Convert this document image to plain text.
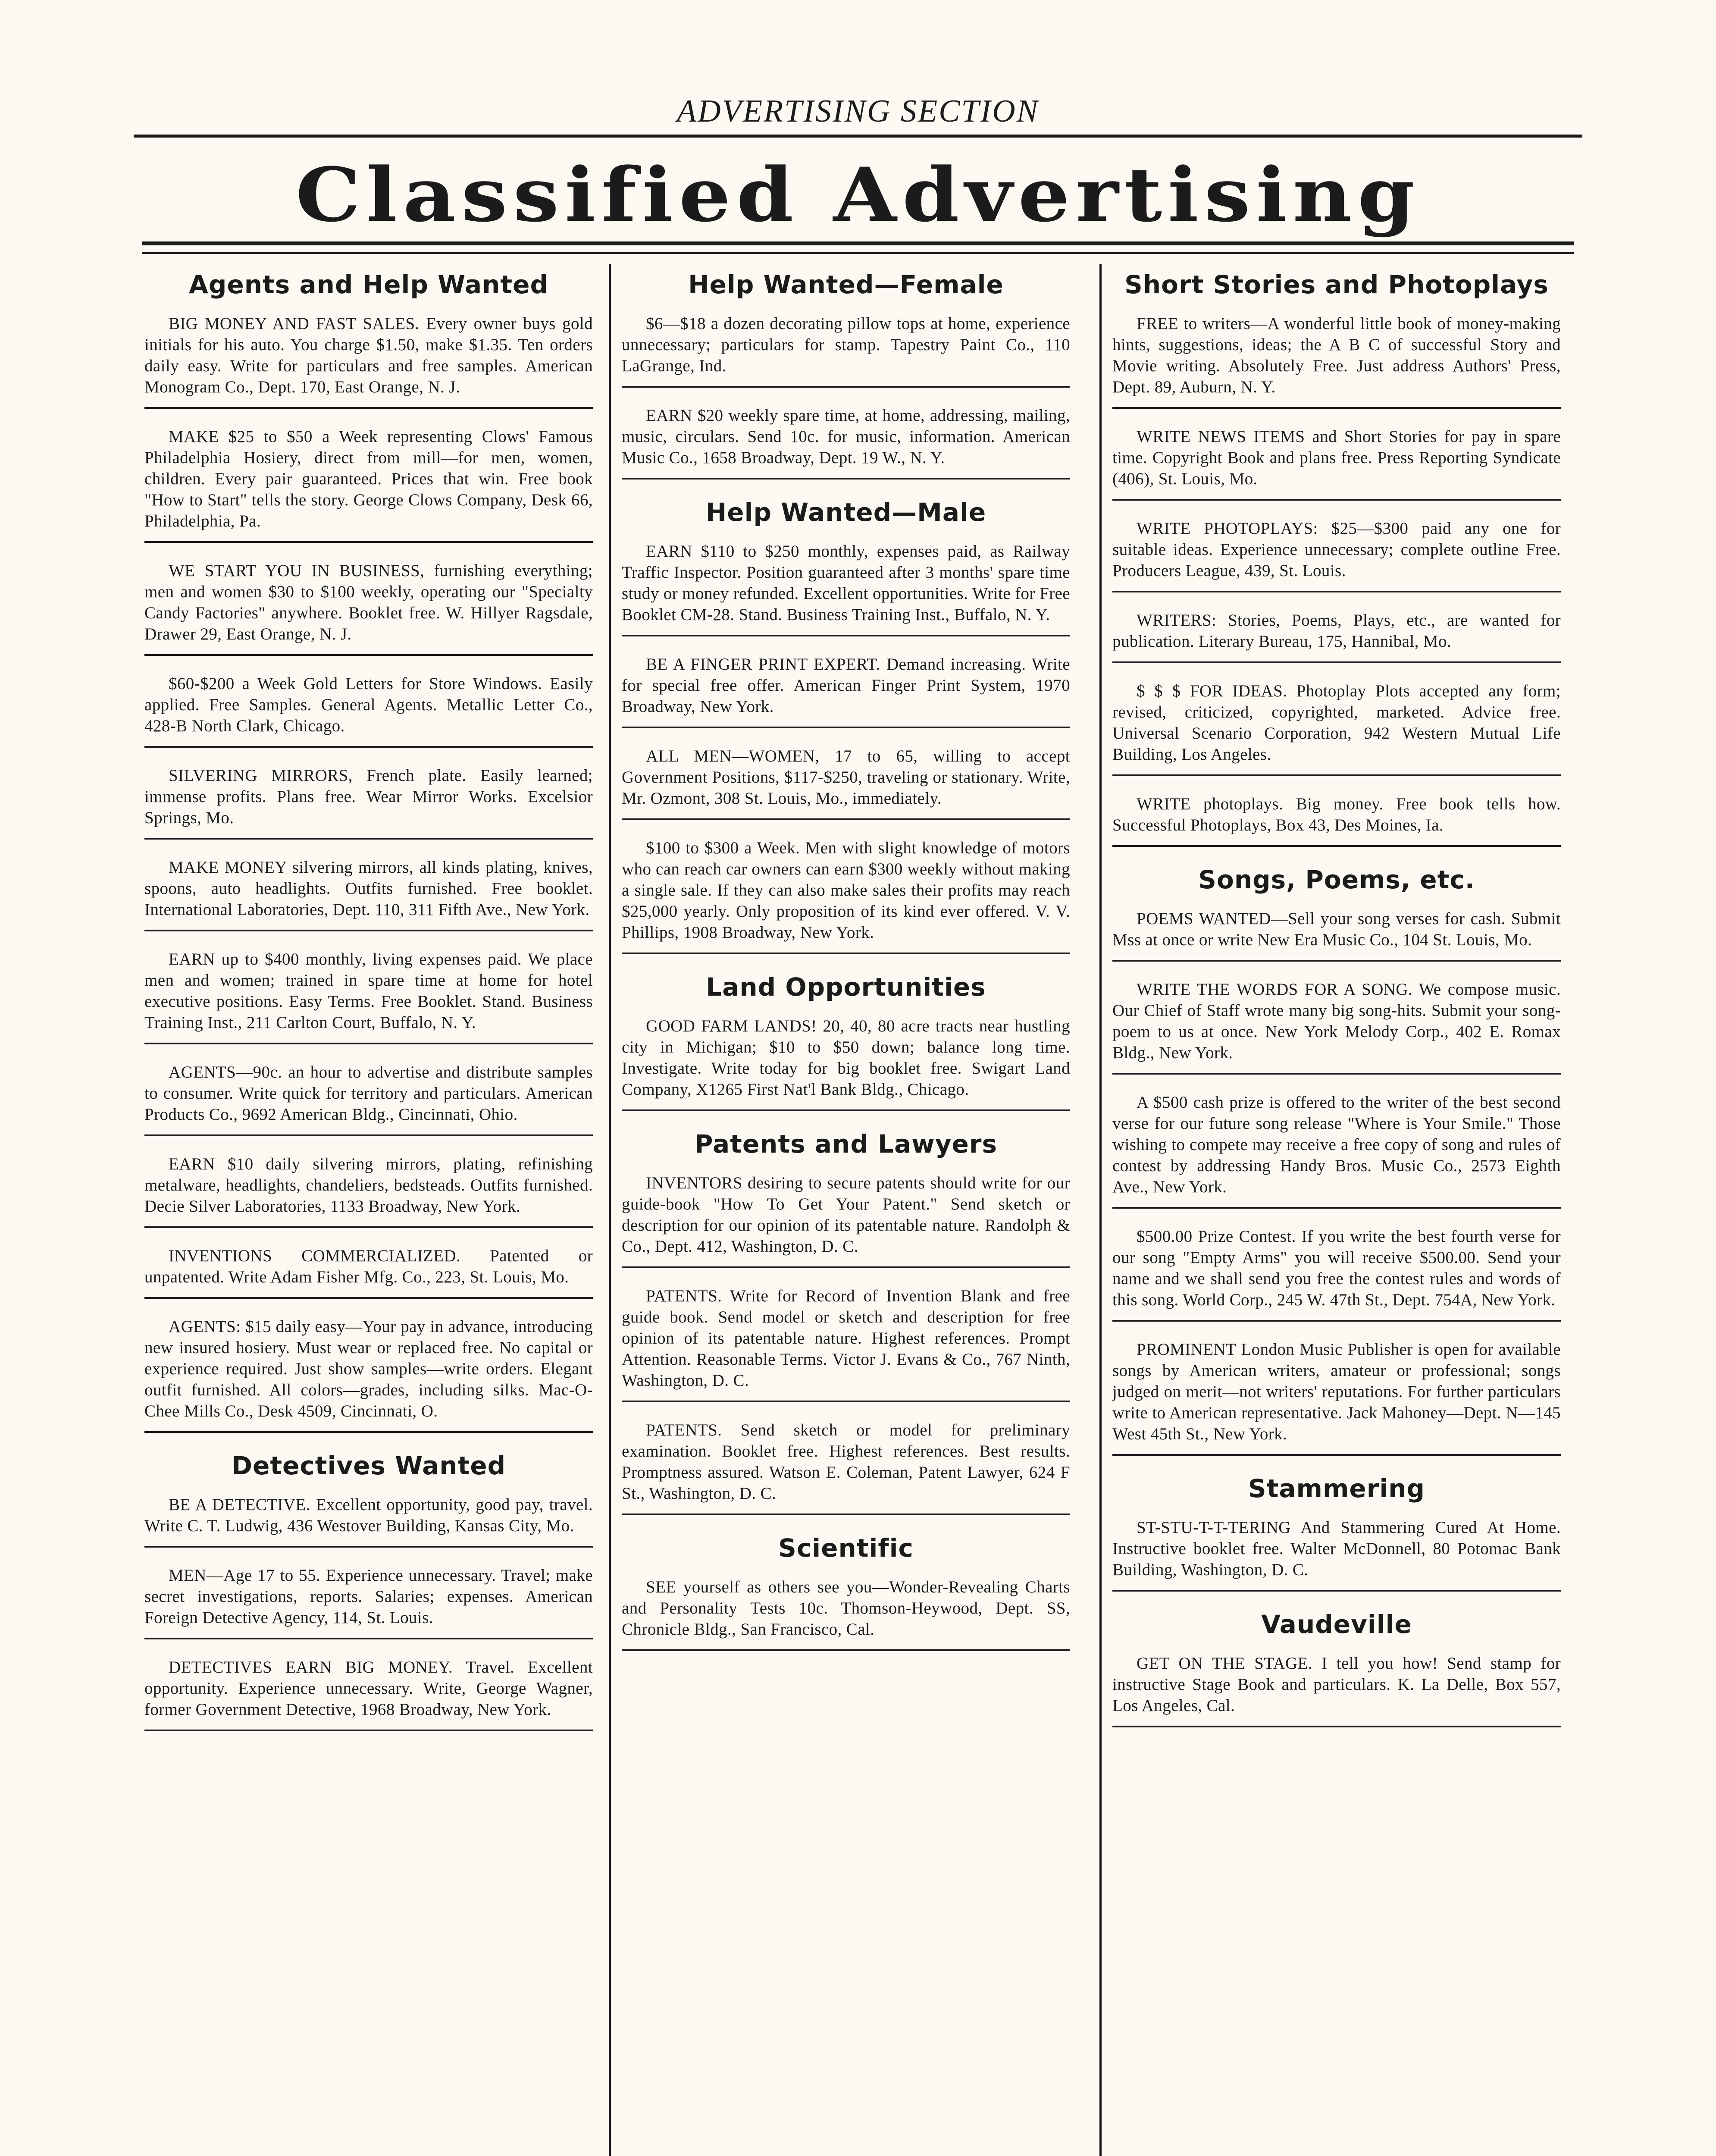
ADVERTISING SECTION
Classified Advertising
Agents and Help Wanted

BIG MONEY AND FAST SALES. Every owner buys gold initials for his auto. You charge $1.50, make $1.35. Ten orders daily easy. Write for particulars and free samples. American Monogram Co., Dept. 170, East Orange, N. J.

MAKE $25 to $50 a Week representing Clows' Famous Philadelphia Hosiery, direct from mill—for men, women, children. Every pair guaranteed. Prices that win. Free book "How to Start" tells the story. George Clows Company, Desk 66, Philadelphia, Pa.

WE START YOU IN BUSINESS, furnishing everything; men and women $30 to $100 weekly, operating our "Specialty Candy Factories" anywhere. Booklet free. W. Hillyer Ragsdale, Drawer 29, East Orange, N. J.

$60-$200 a Week Gold Letters for Store Windows. Easily applied. Free Samples. General Agents. Metallic Letter Co., 428-B North Clark, Chicago.

SILVERING MIRRORS, French plate. Easily learned; immense profits. Plans free. Wear Mirror Works. Excelsior Springs, Mo.

MAKE MONEY silvering mirrors, all kinds plating, knives, spoons, auto headlights. Outfits furnished. Free booklet. International Laboratories, Dept. 110, 311 Fifth Ave., New York.

EARN up to $400 monthly, living expenses paid. We place men and women; trained in spare time at home for hotel executive positions. Easy Terms. Free Booklet. Stand. Business Training Inst., 211 Carlton Court, Buffalo, N. Y.

AGENTS—90c. an hour to advertise and distribute samples to consumer. Write quick for territory and particulars. American Products Co., 9692 American Bldg., Cincinnati, Ohio.

EARN $10 daily silvering mirrors, plating, refinishing metalware, headlights, chandeliers, bedsteads. Outfits furnished. Decie Silver Laboratories, 1133 Broadway, New York.

INVENTIONS COMMERCIALIZED. Patented or unpatented. Write Adam Fisher Mfg. Co., 223, St. Louis, Mo.

AGENTS: $15 daily easy—Your pay in advance, introducing new insured hosiery. Must wear or replaced free. No capital or experience required. Just show samples—write orders. Elegant outfit furnished. All colors—grades, including silks. Mac-O-Chee Mills Co., Desk 4509, Cincinnati, O.

Detectives Wanted

BE A DETECTIVE. Excellent opportunity, good pay, travel. Write C. T. Ludwig, 436 Westover Building, Kansas City, Mo.

MEN—Age 17 to 55. Experience unnecessary. Travel; make secret investigations, reports. Salaries; expenses. American Foreign Detective Agency, 114, St. Louis.

DETECTIVES EARN BIG MONEY. Travel. Excellent opportunity. Experience unnecessary. Write, George Wagner, former Government Detective, 1968 Broadway, New York.

Help Wanted—Female

$6—$18 a dozen decorating pillow tops at home, experience unnecessary; particulars for stamp. Tapestry Paint Co., 110 LaGrange, Ind.

EARN $20 weekly spare time, at home, addressing, mailing, music, circulars. Send 10c. for music, information. American Music Co., 1658 Broadway, Dept. 19 W., N. Y.

Help Wanted—Male

EARN $110 to $250 monthly, expenses paid, as Railway Traffic Inspector. Position guaranteed after 3 months' spare time study or money refunded. Excellent opportunities. Write for Free Booklet CM-28. Stand. Business Training Inst., Buffalo, N. Y.

BE A FINGER PRINT EXPERT. Demand increasing. Write for special free offer. American Finger Print System, 1970 Broadway, New York.

ALL MEN—WOMEN, 17 to 65, willing to accept Government Positions, $117-$250, traveling or stationary. Write, Mr. Ozmont, 308 St. Louis, Mo., immediately.

$100 to $300 a Week. Men with slight knowledge of motors who can reach car owners can earn $300 weekly without making a single sale. If they can also make sales their profits may reach $25,000 yearly. Only proposition of its kind ever offered. V. V. Phillips, 1908 Broadway, New York.

Land Opportunities

GOOD FARM LANDS! 20, 40, 80 acre tracts near hustling city in Michigan; $10 to $50 down; balance long time. Investigate. Write today for big booklet free. Swigart Land Company, X1265 First Nat'l Bank Bldg., Chicago.

Patents and Lawyers

INVENTORS desiring to secure patents should write for our guide-book "How To Get Your Patent." Send sketch or description for our opinion of its patentable nature. Randolph & Co., Dept. 412, Washington, D. C.

PATENTS. Write for Record of Invention Blank and free guide book. Send model or sketch and description for free opinion of its patentable nature. Highest references. Prompt Attention. Reasonable Terms. Victor J. Evans & Co., 767 Ninth, Washington, D. C.

PATENTS. Send sketch or model for preliminary examination. Booklet free. Highest references. Best results. Promptness assured. Watson E. Coleman, Patent Lawyer, 624 F St., Washington, D. C.

Scientific

SEE yourself as others see you—Wonder-Revealing Charts and Personality Tests 10c. Thomson-Heywood, Dept. SS, Chronicle Bldg., San Francisco, Cal.

Short Stories and Photoplays

FREE to writers—A wonderful little book of money-making hints, suggestions, ideas; the A B C of successful Story and Movie writing. Absolutely Free. Just address Authors' Press, Dept. 89, Auburn, N. Y.

WRITE NEWS ITEMS and Short Stories for pay in spare time. Copyright Book and plans free. Press Reporting Syndicate (406), St. Louis, Mo.

WRITE PHOTOPLAYS: $25—$300 paid any one for suitable ideas. Experience unnecessary; complete outline Free. Producers League, 439, St. Louis.

WRITERS: Stories, Poems, Plays, etc., are wanted for publication. Literary Bureau, 175, Hannibal, Mo.

$ $ $ FOR IDEAS. Photoplay Plots accepted any form; revised, criticized, copyrighted, marketed. Advice free. Universal Scenario Corporation, 942 Western Mutual Life Building, Los Angeles.

WRITE photoplays. Big money. Free book tells how. Successful Photoplays, Box 43, Des Moines, Ia.

Songs, Poems, etc.

POEMS WANTED—Sell your song verses for cash. Submit Mss at once or write New Era Music Co., 104 St. Louis, Mo.

WRITE THE WORDS FOR A SONG. We compose music. Our Chief of Staff wrote many big song-hits. Submit your song-poem to us at once. New York Melody Corp., 402 E. Romax Bldg., New York.

A $500 cash prize is offered to the writer of the best second verse for our future song release "Where is Your Smile." Those wishing to compete may receive a free copy of song and rules of contest by addressing Handy Bros. Music Co., 2573 Eighth Ave., New York.

$500.00 Prize Contest. If you write the best fourth verse for our song "Empty Arms" you will receive $500.00. Send your name and we shall send you free the contest rules and words of this song. World Corp., 245 W. 47th St., Dept. 754A, New York.

PROMINENT London Music Publisher is open for available songs by American writers, amateur or professional; songs judged on merit—not writers' reputations. For further particulars write to American representative. Jack Mahoney—Dept. N—145 West 45th St., New York.

Stammering

ST-STU-T-T-TERING And Stammering Cured At Home. Instructive booklet free. Walter McDonnell, 80 Potomac Bank Building, Washington, D. C.

Vaudeville

GET ON THE STAGE. I tell you how! Send stamp for instructive Stage Book and particulars. K. La Delle, Box 557, Los Angeles, Cal.
